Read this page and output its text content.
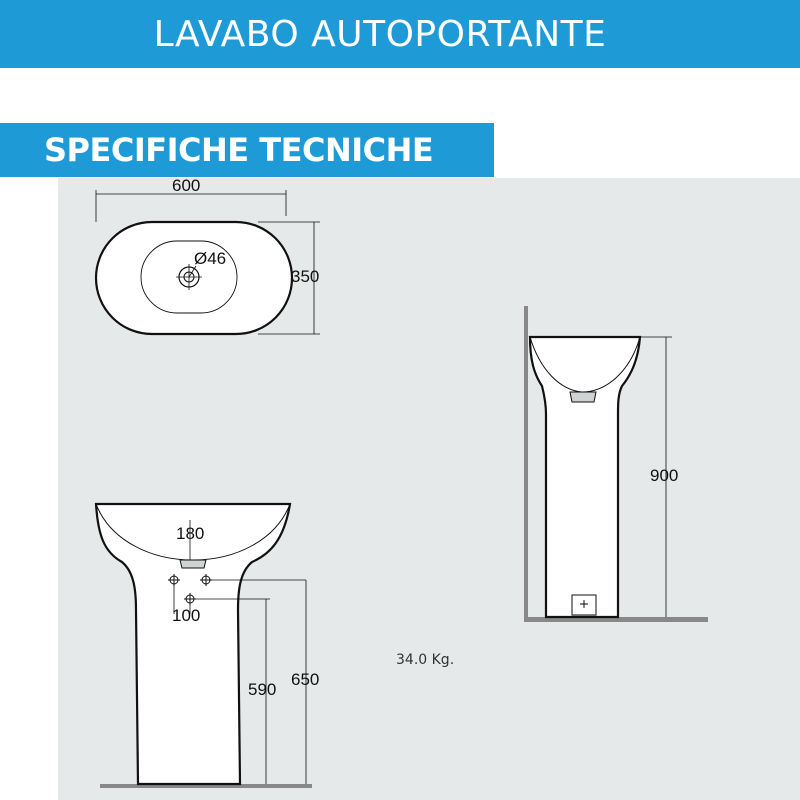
LAVABO AUTOPORTANTE
SPECIFICHE TECNICHE
600
350
Ø46
180
100
590
650
900
34.0 Kg.
